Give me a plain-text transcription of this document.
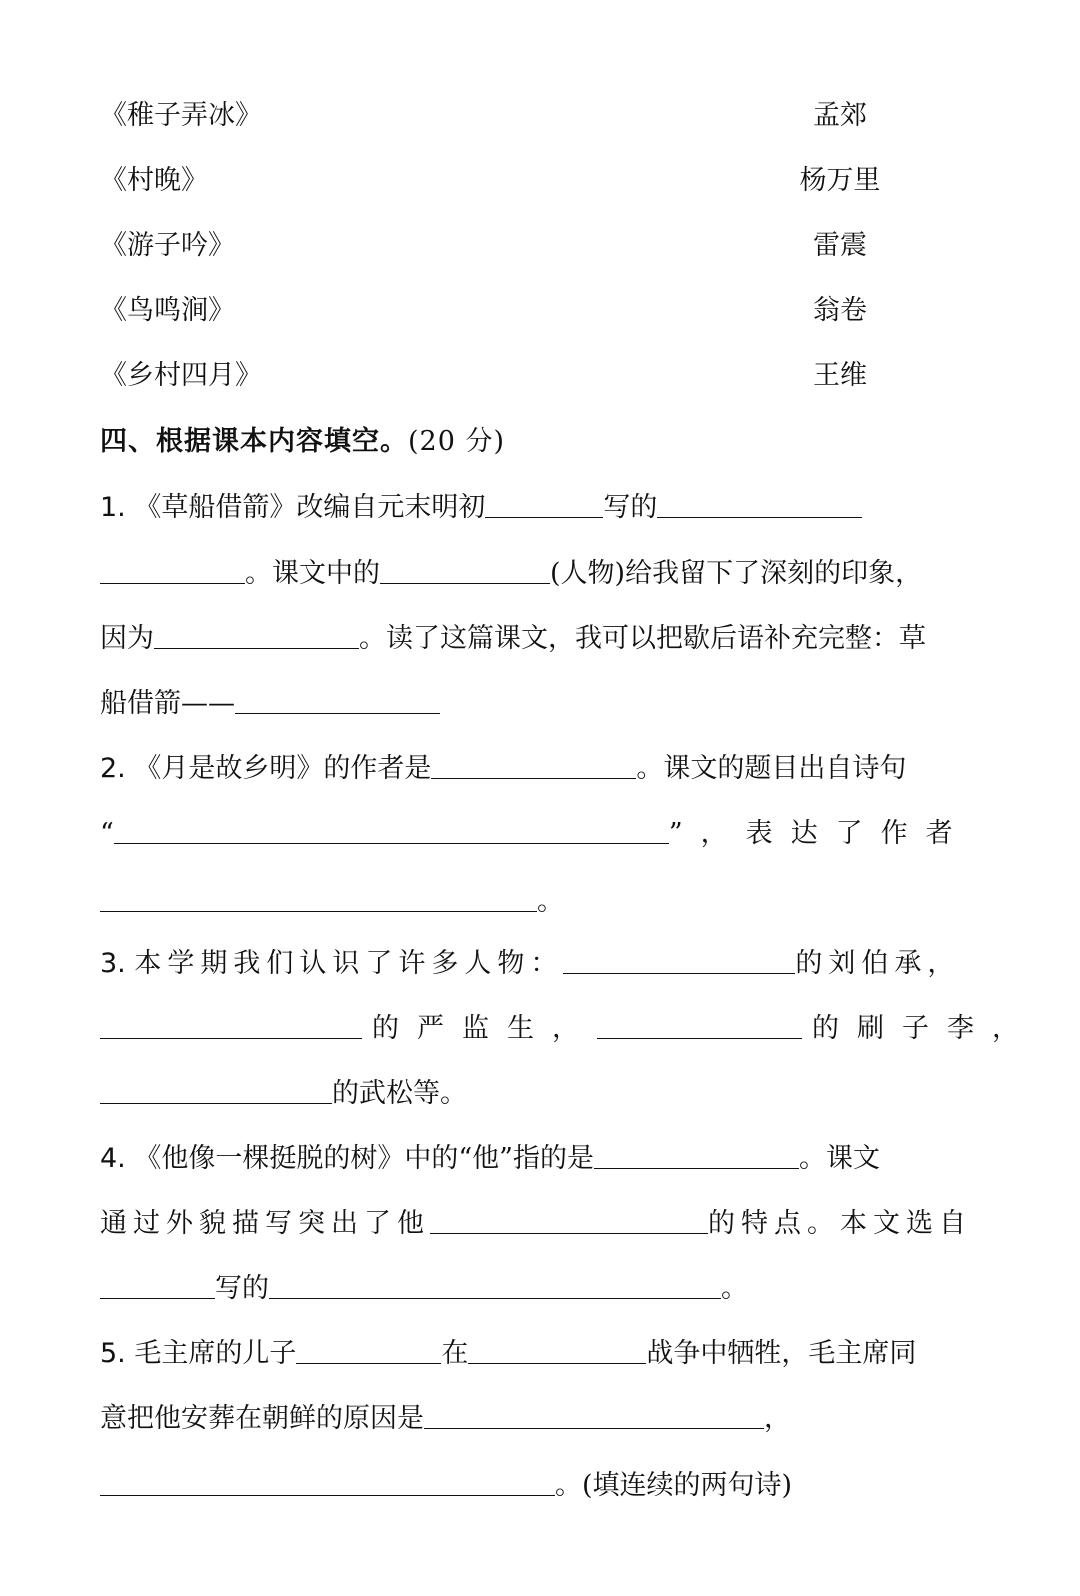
《稚子弄冰》	孟郊
《村晚》	杨万里
《游子吟》	雷震
《鸟鸣涧》	翁卷
《乡村四月》	王维
四、根据课本内容填空。(20 分)
1. 《草船借箭》改编自元末明初	写的
。课文中的	(人物)给我留下了深刻的印象，
因为	。读了这篇课文，我可以把歇后语补充完整：草
船借箭——
2. 《月是故乡明》的作者是	。课文的题目出自诗句
“	”，表达了作者
。
3. 本学期我们认识了许多人物：	的刘伯承，
的严监生，	的刷子李，
的武松等。
4. 《他像一棵挺脱的树》中的“他”指的是	。课文
通过外貌描写突出了他	的特点。本文选自
写的	。
5. 毛主席的儿子	在	战争中牺牲，毛主席同
意把他安葬在朝鲜的原因是	，
。(填连续的两句诗)
